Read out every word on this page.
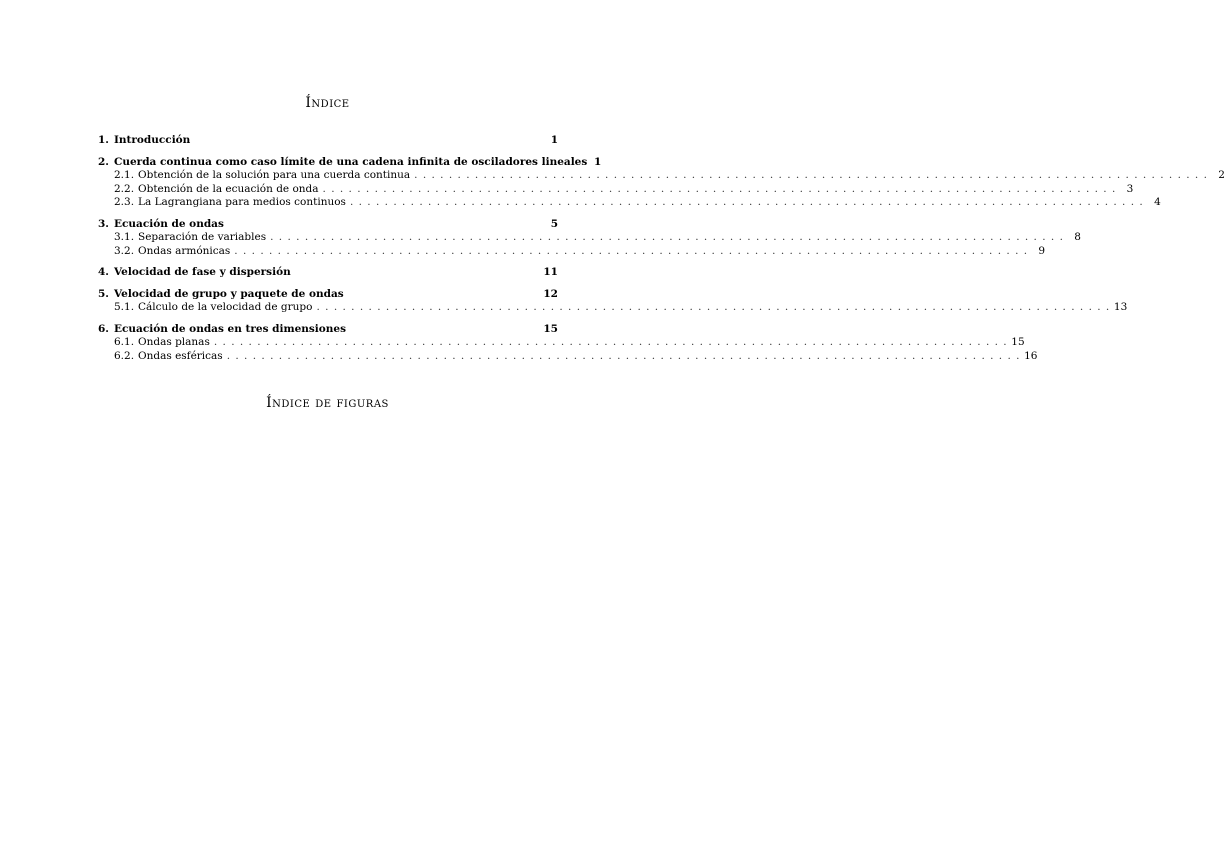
Índice
1. Introducción	1
2. Cuerda continua como caso límite de una cadena infinita de osciladores lineales 1
2.1. Obtención de la solución para una cuerda continua . . .	2
2.2. Obtención de la ecuación de onda . . .	3
2.3. La Lagrangiana para medios continuos . . .	4
3. Ecuación de ondas	5
3.1. Separación de variables . . .	8
3.2. Ondas armónicas . . .	9
4. Velocidad de fase y dispersión	11
5. Velocidad de grupo y paquete de ondas	12
5.1. Cálculo de la velocidad de grupo . . .	13
6. Ecuación de ondas en tres dimensiones	15
6.1. Ondas planas . . .	15
6.2. Ondas esféricas . . .	16
Índice de figuras
